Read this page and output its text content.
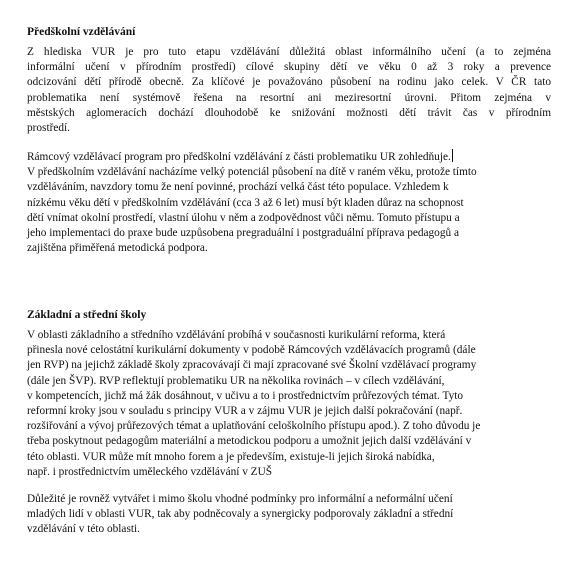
Předškolní vzdělávání
Z hlediska VUR je pro tuto etapu vzdělávání důležitá oblast informálního učení (a to zejména
informální učení v přírodním prostředí) cílové skupiny dětí ve věku 0 až 3 roky a prevence
odcizování dětí přírodě obecně. Za klíčové je považováno působení na rodinu jako celek. V ČR tato
problematika není systémově řešena na resortní ani meziresortní úrovni. Přitom zejména v
městských aglomeracích dochází dlouhodobě ke snižování možnosti dětí trávit čas v přírodním
prostředí.
Rámcový vzdělávací program pro předškolní vzdělávání z části problematiku UR zohledňuje.
V předškolním vzdělávání nacházíme velký potenciál působení na dítě v raném věku, protože tímto
vzděláváním, navzdory tomu že není povinné, prochází velká část této populace. Vzhledem k
nízkému věku dětí v předškolním vzdělávání (cca 3 až 6 let) musí být kladen důraz na schopnost
dětí vnímat okolní prostředí, vlastní úlohu v něm a zodpovědnost vůči němu. Tomuto přístupu a
jeho implementaci do praxe bude uzpůsobena pregraduální i postgraduální příprava pedagogů a
zajištěna přiměřená metodická podpora.
Základní a střední školy
V oblasti základního a středního vzdělávání probíhá v současnosti kurikulární reforma, která
přinesla nové celostátní kurikulární dokumenty v podobě Rámcových vzdělávacích programů (dále
jen RVP) na jejichž základě školy zpracovávají či mají zpracované své Školní vzdělávací programy
(dále jen ŠVP). RVP reflektují problematiku UR na několika rovinách – v cílech vzdělávání,
v kompetencích, jichž má žák dosáhnout, v učivu a to i prostřednictvím průřezových témat. Tyto
reformní kroky jsou v souladu s principy VUR a v zájmu VUR je jejich další pokračování (např.
rozšiřování a vývoj průřezových témat a uplatňování celoškolního přístupu apod.). Z toho důvodu je
třeba poskytnout pedagogům materiální a metodickou podporu a umožnit jejich další vzdělávání v
této oblasti. VUR může mít mnoho forem a je především, existuje-li jejich široká nabídka,
např. i prostřednictvím uměleckého vzdělávání v ZUŠ
Důležité je rovněž vytvářet i mimo školu vhodné podmínky pro informální a neformální učení
mladých lidí v oblasti VUR, tak aby podněcovaly a synergicky podporovaly základní a střední
vzdělávání v této oblasti.
